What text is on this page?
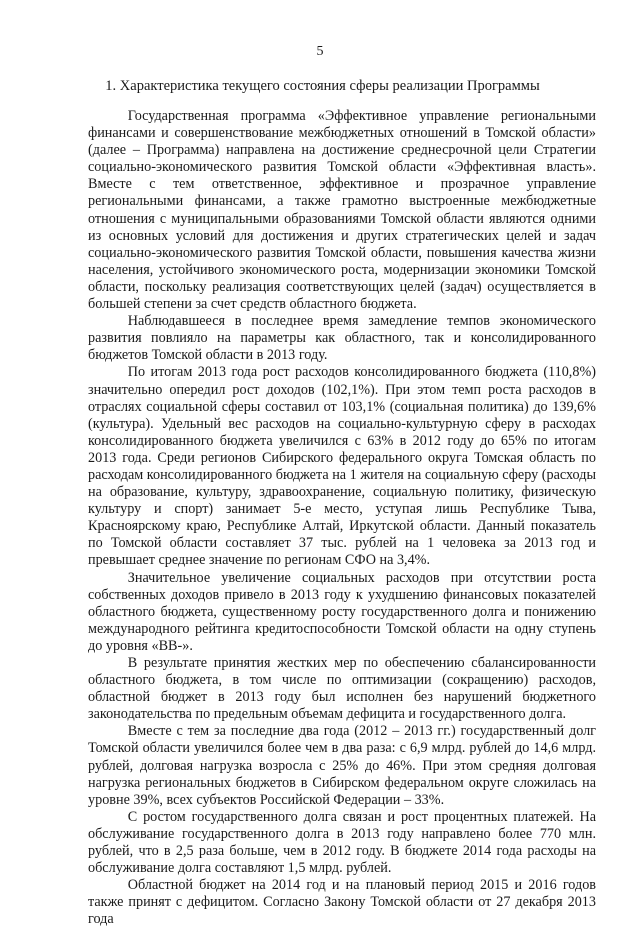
5
1. Характеристика текущего состояния сферы реализации Программы

Государственная программа «Эффективное управление региональными финансами и совершенствование межбюджетных отношений в Томской области» (далее – Программа) направлена на достижение среднесрочной цели Стратегии социально-экономического развития Томской области «Эффективная власть». Вместе с тем ответственное, эффективное и прозрачное управление региональными финансами, а также грамотно выстроенные межбюджетные отношения с муниципальными образованиями Томской области являются одними из основных условий для достижения и других стратегических целей и задач социально-экономического развития Томской области, повышения качества жизни населения, устойчивого экономического роста, модернизации экономики Томской области, поскольку реализация соответствующих целей (задач) осуществляется в большей степени за счет средств областного бюджета.

Наблюдавшееся в последнее время замедление темпов экономического развития повлияло на параметры как областного, так и консолидированного бюджетов Томской области в 2013 году.

По итогам 2013 года рост расходов консолидированного бюджета (110,8%) значительно опередил рост доходов (102,1%). При этом темп роста расходов в отраслях социальной сферы составил от 103,1% (социальная политика) до 139,6% (культура). Удельный вес расходов на социально-культурную сферу в расходах консолидированного бюджета увеличился с 63% в 2012 году до 65% по итогам 2013 года. Среди регионов Сибирского федерального округа Томская область по расходам консолидированного бюджета на 1 жителя на социальную сферу (расходы на образование, культуру, здравоохранение, социальную политику, физическую культуру и спорт) занимает 5-е место, уступая лишь Республике Тыва, Красноярскому краю, Республике Алтай, Иркутской области. Данный показатель по Томской области составляет 37 тыс. рублей на 1 человека за 2013 год и превышает среднее значение по регионам СФО на 3,4%.

Значительное увеличение социальных расходов при отсутствии роста собственных доходов привело в 2013 году к ухудшению финансовых показателей областного бюджета, существенному росту государственного долга и понижению международного рейтинга кредитоспособности Томской области на одну ступень до уровня «ВВ-».

В результате принятия жестких мер по обеспечению сбалансированности областного бюджета, в том числе по оптимизации (сокращению) расходов, областной бюджет в 2013 году был исполнен без нарушений бюджетного законодательства по предельным объемам дефицита и государственного долга.

Вместе с тем за последние два года (2012 – 2013 гг.) государственный долг Томской области увеличился более чем в два раза: с 6,9 млрд. рублей до 14,6 млрд. рублей, долговая нагрузка возросла с 25% до 46%. При этом средняя долговая нагрузка региональных бюджетов в Сибирском федеральном округе сложилась на уровне 39%, всех субъектов Российской Федерации – 33%.

С ростом государственного долга связан и рост процентных платежей. На обслуживание государственного долга в 2013 году направлено более 770 млн. рублей, что в 2,5 раза больше, чем в 2012 году. В бюджете 2014 года расходы на обслуживание долга составляют 1,5 млрд. рублей.

Областной бюджет на 2014 год и на плановый период 2015 и 2016 годов также принят с дефицитом. Согласно Закону Томской области от 27 декабря 2013 года
